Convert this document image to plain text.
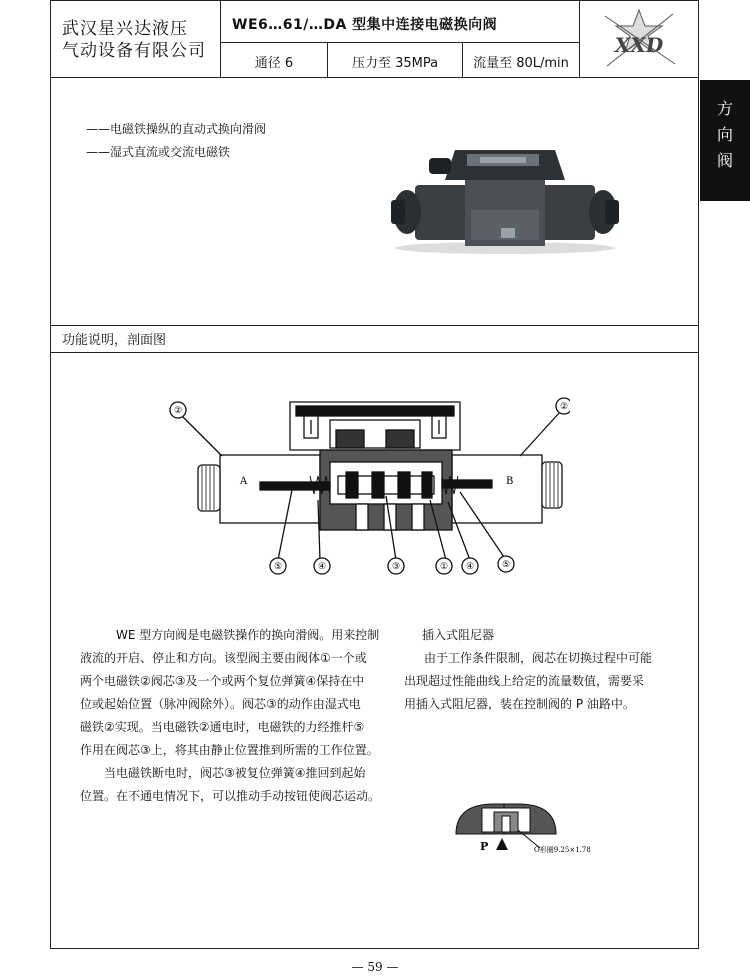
武汉星兴达液压
气动设备有限公司
WE6…61/…DA 型集中连接电磁换向阀
通径 6	压力至 35MPa	流量至 80L/min
XXD
方
向
阀
——电磁铁操纵的直动式换向滑阀
——湿式直流或交流电磁铁
功能说明，剖面图
A	B
②	②
⑤	④	③	① ④	⑤
WE 型方向阀是电磁铁操作的换向滑阀。用来控制
液流的开启、停止和方向。该型阀主要由阀体①一个或
两个电磁铁②阀芯③及一个或两个复位弹簧④保持在中
位或起始位置（脉冲阀除外）。阀芯③的动作由湿式电
磁铁②实现。当电磁铁②通电时，电磁铁的力经推杆⑤
作用在阀芯③上，将其由静止位置推到所需的工作位置。
当电磁铁断电时，阀芯③被复位弹簧④推回到起始
位置。在不通电情况下，可以推动手动按钮使阀芯运动。
插入式阻尼器
由于工作条件限制，阀芯在切换过程中可能
出现超过性能曲线上给定的流量数值，需要采
用插入式阻尼器，装在控制阀的 P 油路中。
P	O形圈9.25×1.78
— 59 —
